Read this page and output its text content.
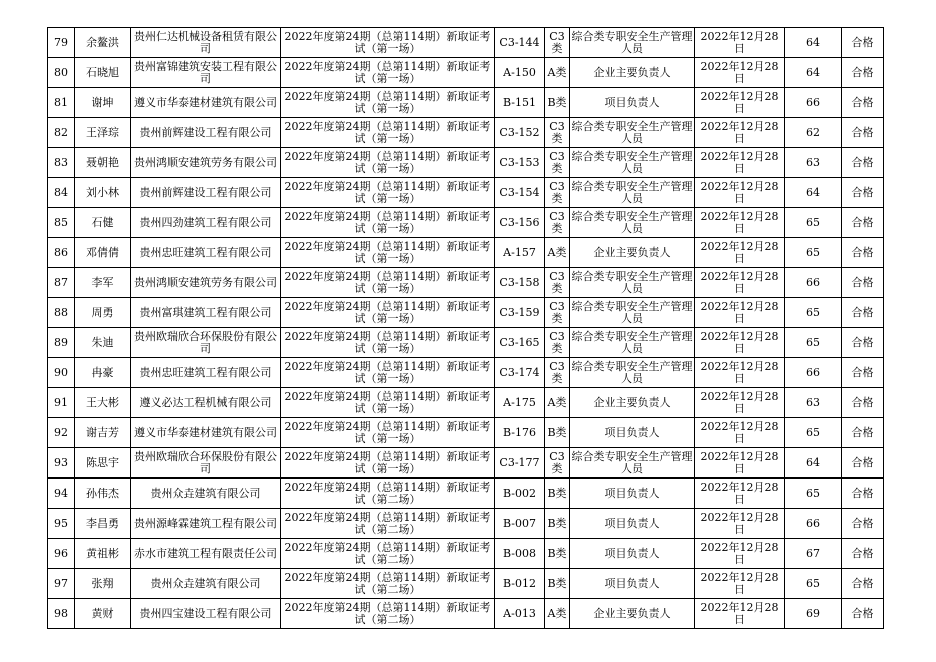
79	余鳌洪	贵州仁达机械设备租赁有限公司	2022年度第24期（总第114期）新取证考试（第一场）	C3-144	C3类	综合类专职安全生产管理人员	2022年12月28日	64	合格
80	石晓旭	贵州富锦建筑安装工程有限公司	2022年度第24期（总第114期）新取证考试（第一场）	A-150	A类	企业主要负责人	2022年12月28日	64	合格
81	谢坤	遵义市华泰建材建筑有限公司	2022年度第24期（总第114期）新取证考试（第一场）	B-151	B类	项目负责人	2022年12月28日	66	合格
82	王泽琮	贵州前辉建设工程有限公司	2022年度第24期（总第114期）新取证考试（第一场）	C3-152	C3类	综合类专职安全生产管理人员	2022年12月28日	62	合格
83	聂朝艳	贵州鸿顺安建筑劳务有限公司	2022年度第24期（总第114期）新取证考试（第一场）	C3-153	C3类	综合类专职安全生产管理人员	2022年12月28日	63	合格
84	刘小林	贵州前辉建设工程有限公司	2022年度第24期（总第114期）新取证考试（第一场）	C3-154	C3类	综合类专职安全生产管理人员	2022年12月28日	64	合格
85	石健	贵州四劲建筑工程有限公司	2022年度第24期（总第114期）新取证考试（第一场）	C3-156	C3类	综合类专职安全生产管理人员	2022年12月28日	65	合格
86	邓倩倩	贵州忠旺建筑工程有限公司	2022年度第24期（总第114期）新取证考试（第一场）	A-157	A类	企业主要负责人	2022年12月28日	65	合格
87	李军	贵州鸿顺安建筑劳务有限公司	2022年度第24期（总第114期）新取证考试（第一场）	C3-158	C3类	综合类专职安全生产管理人员	2022年12月28日	66	合格
88	周勇	贵州富琪建筑工程有限公司	2022年度第24期（总第114期）新取证考试（第一场）	C3-159	C3类	综合类专职安全生产管理人员	2022年12月28日	65	合格
89	朱迪	贵州欧瑞欣合环保股份有限公司	2022年度第24期（总第114期）新取证考试（第一场）	C3-165	C3类	综合类专职安全生产管理人员	2022年12月28日	65	合格
90	冉豪	贵州忠旺建筑工程有限公司	2022年度第24期（总第114期）新取证考试（第一场）	C3-174	C3类	综合类专职安全生产管理人员	2022年12月28日	66	合格
91	王大彬	遵义必达工程机械有限公司	2022年度第24期（总第114期）新取证考试（第一场）	A-175	A类	企业主要负责人	2022年12月28日	63	合格
92	谢吉芳	遵义市华泰建材建筑有限公司	2022年度第24期（总第114期）新取证考试（第一场）	B-176	B类	项目负责人	2022年12月28日	65	合格
93	陈思宇	贵州欧瑞欣合环保股份有限公司	2022年度第24期（总第114期）新取证考试（第一场）	C3-177	C3类	综合类专职安全生产管理人员	2022年12月28日	64	合格
94	孙伟杰	贵州众垚建筑有限公司	2022年度第24期（总第114期）新取证考试（第二场）	B-002	B类	项目负责人	2022年12月28日	65	合格
95	李昌勇	贵州源峰霖建筑工程有限公司	2022年度第24期（总第114期）新取证考试（第二场）	B-007	B类	项目负责人	2022年12月28日	66	合格
96	黄祖彬	赤水市建筑工程有限责任公司	2022年度第24期（总第114期）新取证考试（第二场）	B-008	B类	项目负责人	2022年12月28日	67	合格
97	张翔	贵州众垚建筑有限公司	2022年度第24期（总第114期）新取证考试（第二场）	B-012	B类	项目负责人	2022年12月28日	65	合格
98	黄财	贵州四宝建设工程有限公司	2022年度第24期（总第114期）新取证考试（第二场）	A-013	A类	企业主要负责人	2022年12月28日	69	合格
